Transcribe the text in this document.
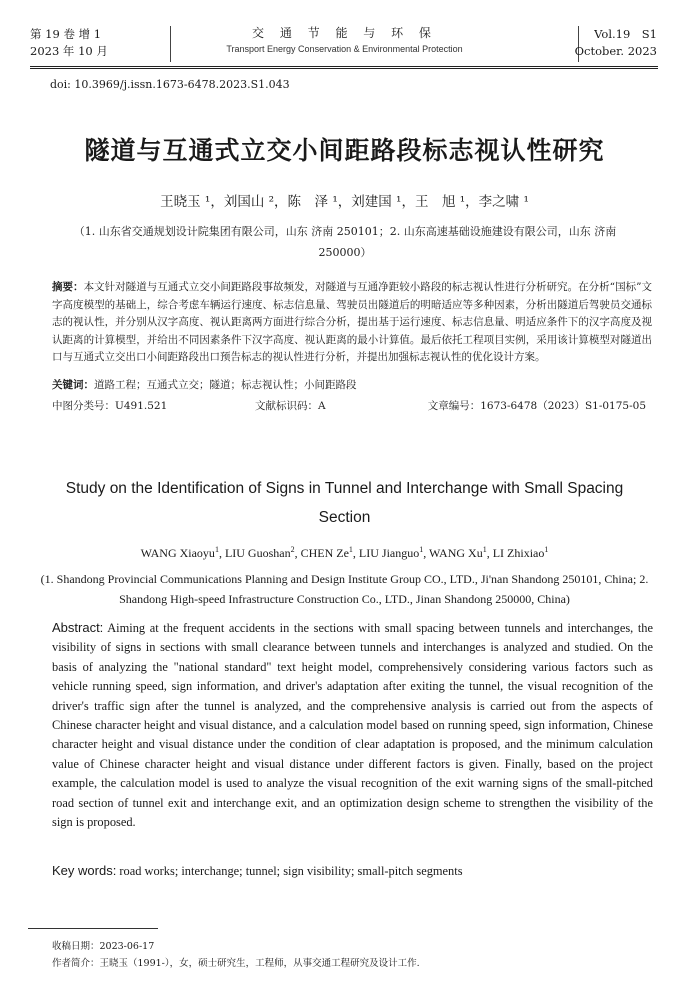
第 19 卷 增 1
2023 年 10 月
交 通 节 能 与 环 保
Transport Energy Conservation & Environmental Protection
Vol.19　S1
October. 2023
doi: 10.3969/j.issn.1673-6478.2023.S1.043
隧道与互通式立交小间距路段标志视认性研究
王晓玉 ¹，刘国山 ²，陈　泽 ¹，刘建国 ¹，王　旭 ¹，李之啸 ¹
（1. 山东省交通规划设计院集团有限公司，山东 济南 250101；2. 山东高速基础设施建设有限公司，山东 济南 250000）
摘要：本文针对隧道与互通式立交小间距路段事故频发，对隧道与互通净距较小路段的标志视认性进行分析研究。在分析“国标”文字高度模型的基础上，综合考虑车辆运行速度、标志信息量、驾驶员出隧道后的明暗适应等多种因素，分析出隧道后驾驶员交通标志的视认性，并分别从汉字高度、视认距离两方面进行综合分析，提出基于运行速度、标志信息量、明适应条件下的汉字高度及视认距离的计算模型，并给出不同因素条件下汉字高度、视认距离的最小计算值。最后依托工程项目实例，采用该计算模型对隧道出口与互通式立交出口小间距路段出口预告标志的视认性进行分析，并提出加强标志视认性的优化设计方案。
关键词：道路工程；互通式立交；隧道；标志视认性；小间距路段
中图分类号：U491.521	文献标识码：A	文章编号：1673-6478（2023）S1-0175-05
Study on the Identification of Signs in Tunnel and Interchange with Small Spacing Section
WANG Xiaoyu$^1$, LIU Guoshan$^2$, CHEN Ze$^1$, LIU Jianguo$^1$, WANG Xu$^1$, LI Zhixiao$^1$
(1. Shandong Provincial Communications Planning and Design Institute Group CO., LTD., Ji'nan Shandong 250101, China; 2. Shandong High-speed Infrastructure Construction Co., LTD., Jinan Shandong 250000, China)
Abstract: Aiming at the frequent accidents in the sections with small spacing between tunnels and interchanges, the visibility of signs in sections with small clearance between tunnels and interchanges is analyzed and studied. On the basis of analyzing the "national standard" text height model, comprehensively considering various factors such as vehicle running speed, sign information, and driver's adaptation after exiting the tunnel, the visual recognition of the driver's traffic sign after the tunnel is analyzed, and the comprehensive analysis is carried out from the aspects of Chinese character height and visual distance, and a calculation model based on running speed, sign information, Chinese character height and visual distance under the condition of clear adaptation is proposed, and the minimum calculation value of Chinese character height and visual distance under different factors is given. Finally, based on the project example, the calculation model is used to analyze the visual recognition of the exit warning signs of the small-pitched road section of tunnel exit and interchange exit, and an optimization design scheme to strengthen the visibility of the sign is proposed.
Key words: road works; interchange; tunnel; sign visibility; small-pitch segments
收稿日期：2023-06-17
作者简介：王晓玉（1991-），女，硕士研究生，工程师，从事交通工程研究及设计工作.
